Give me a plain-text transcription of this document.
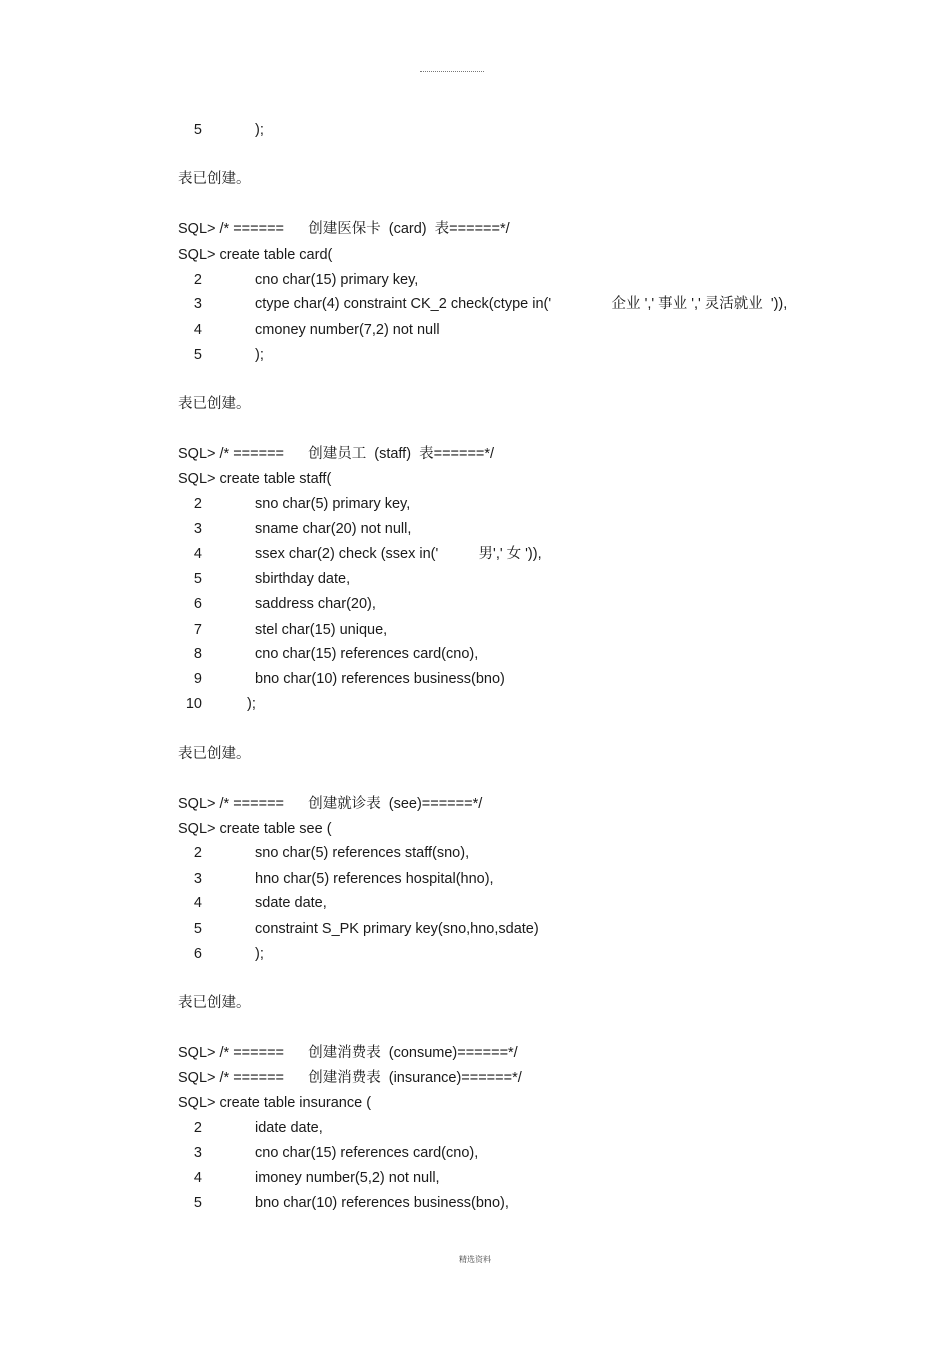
5	);
表已创建。
SQL> /* ======      创建医保卡  (card)  表======*/
SQL> create table card(
2	cno char(15) primary key,
3	ctype char(4) constraint CK_2 check(ctype in('               企业 ',' 事业 ',' 灵活就业  ')),
4	cmoney number(7,2) not null
5	);
表已创建。
SQL> /* ======      创建员工  (staff)  表======*/
SQL> create table staff(
2	sno char(5) primary key,
3	sname char(20) not null,
4	ssex char(2) check (ssex in('          男',' 女 ')),
5	sbirthday date,
6	saddress char(20),
7	stel char(15) unique,
8	cno char(15) references card(cno),
9	bno char(10) references business(bno)
10	);
表已创建。
SQL> /* ======      创建就诊表  (see)======*/
SQL> create table see (
2	sno char(5) references staff(sno),
3	hno char(5) references hospital(hno),
4	sdate date,
5	constraint S_PK primary key(sno,hno,sdate)
6	);
表已创建。
SQL> /* ======      创建消费表  (consume)======*/
SQL> /* ======      创建消费表  (insurance)======*/
SQL> create table insurance (
2	idate date,
3	cno char(15) references card(cno),
4	imoney number(5,2) not null,
5	bno char(10) references business(bno),
精选资料
